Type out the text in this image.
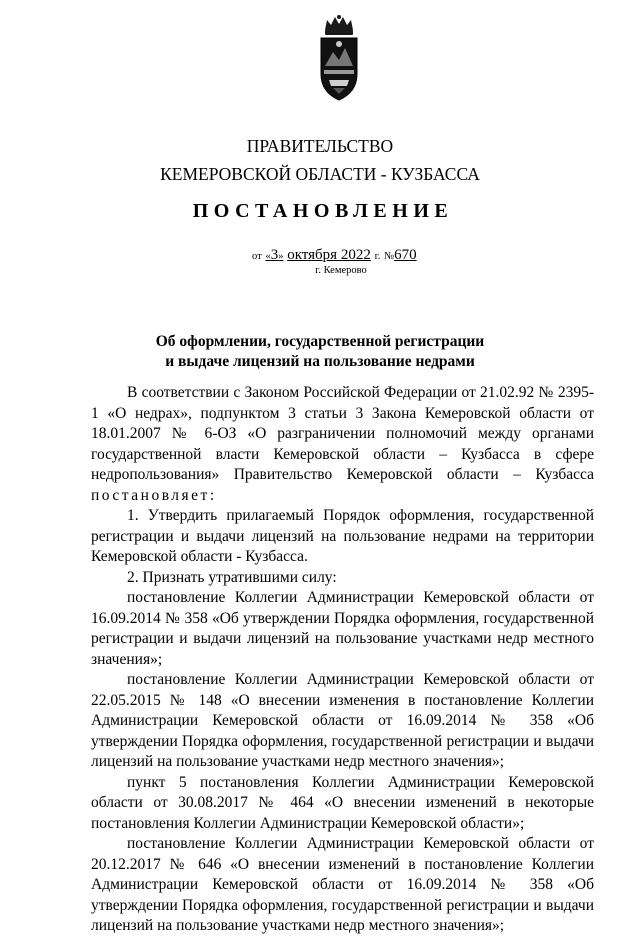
ПРАВИТЕЛЬСТВО
КЕМЕРОВСКОЙ ОБЛАСТИ - КУЗБАССА
ПОСТАНОВЛЕНИЕ
от «3» октября 2022 г. №670
г. Кемерово
Об оформлении, государственной регистрации
и выдаче лицензий на пользование недрами

В соответствии с Законом Российской Федерации от 21.02.92 № 2395-1 «О недрах», подпунктом 3 статьи 3 Закона Кемеровской области от 18.01.2007 № 6-ОЗ «О разграничении полномочий между органами государственной власти Кемеровской области – Кузбасса в сфере недропользования» Правительство Кемеровской области – Кузбасса постановляет:

1. Утвердить прилагаемый Порядок оформления, государственной регистрации и выдачи лицензий на пользование недрами на территории Кемеровской области - Кузбасса.

2. Признать утратившими силу:

постановление Коллегии Администрации Кемеровской области от 16.09.2014 № 358 «Об утверждении Порядка оформления, государственной регистрации и выдачи лицензий на пользование участками недр местного значения»;

постановление Коллегии Администрации Кемеровской области от 22.05.2015 № 148 «О внесении изменения в постановление Коллегии Администрации Кемеровской области от 16.09.2014 № 358 «Об утверждении Порядка оформления, государственной регистрации и выдачи лицензий на пользование участками недр местного значения»;

пункт 5 постановления Коллегии Администрации Кемеровской области от 30.08.2017 № 464 «О внесении изменений в некоторые постановления Коллегии Администрации Кемеровской области»;

постановление Коллегии Администрации Кемеровской области от 20.12.2017 № 646 «О внесении изменений в постановление Коллегии Администрации Кемеровской области от 16.09.2014 № 358 «Об утверждении Порядка оформления, государственной регистрации и выдачи лицензий на пользование участками недр местного значения»;
